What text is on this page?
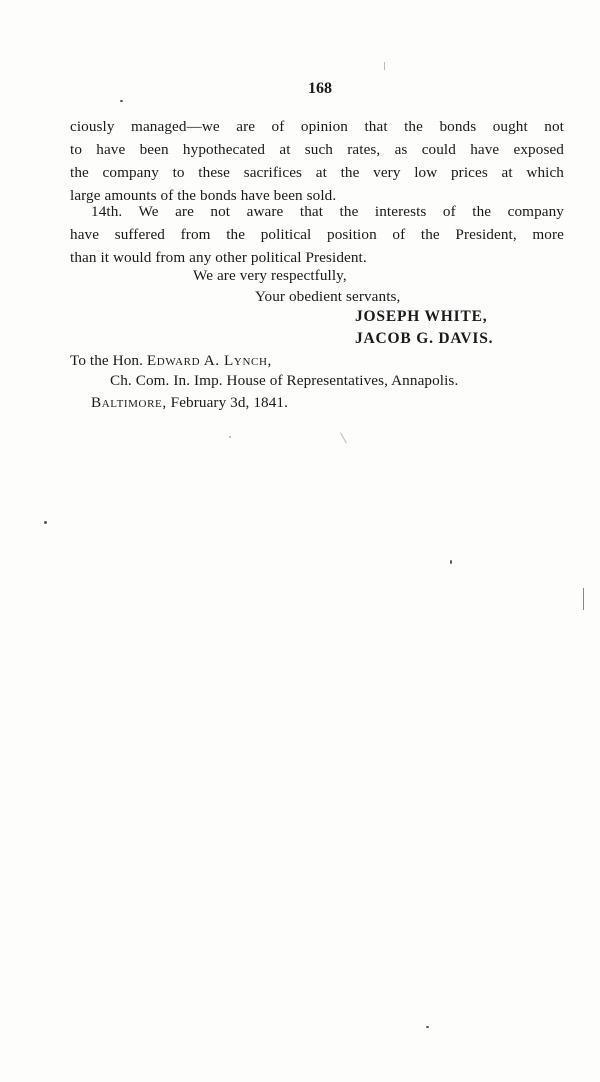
168
ciously managed—we are of opinion that the bonds ought not
to have been hypothecated at such rates, as could have exposed
the company to these sacrifices at the very low prices at which
large amounts of the bonds have been sold.
14th. We are not aware that the interests of the company
have suffered from the political position of the President, more
than it would from any other political President.
We are very respectfully,
Your obedient servants,
JOSEPH WHITE,
JACOB G. DAVIS.
To the Hon. Edward A. Lynch,
Ch. Com. In. Imp. House of Representatives, Annapolis.
Baltimore, February 3d, 1841.
